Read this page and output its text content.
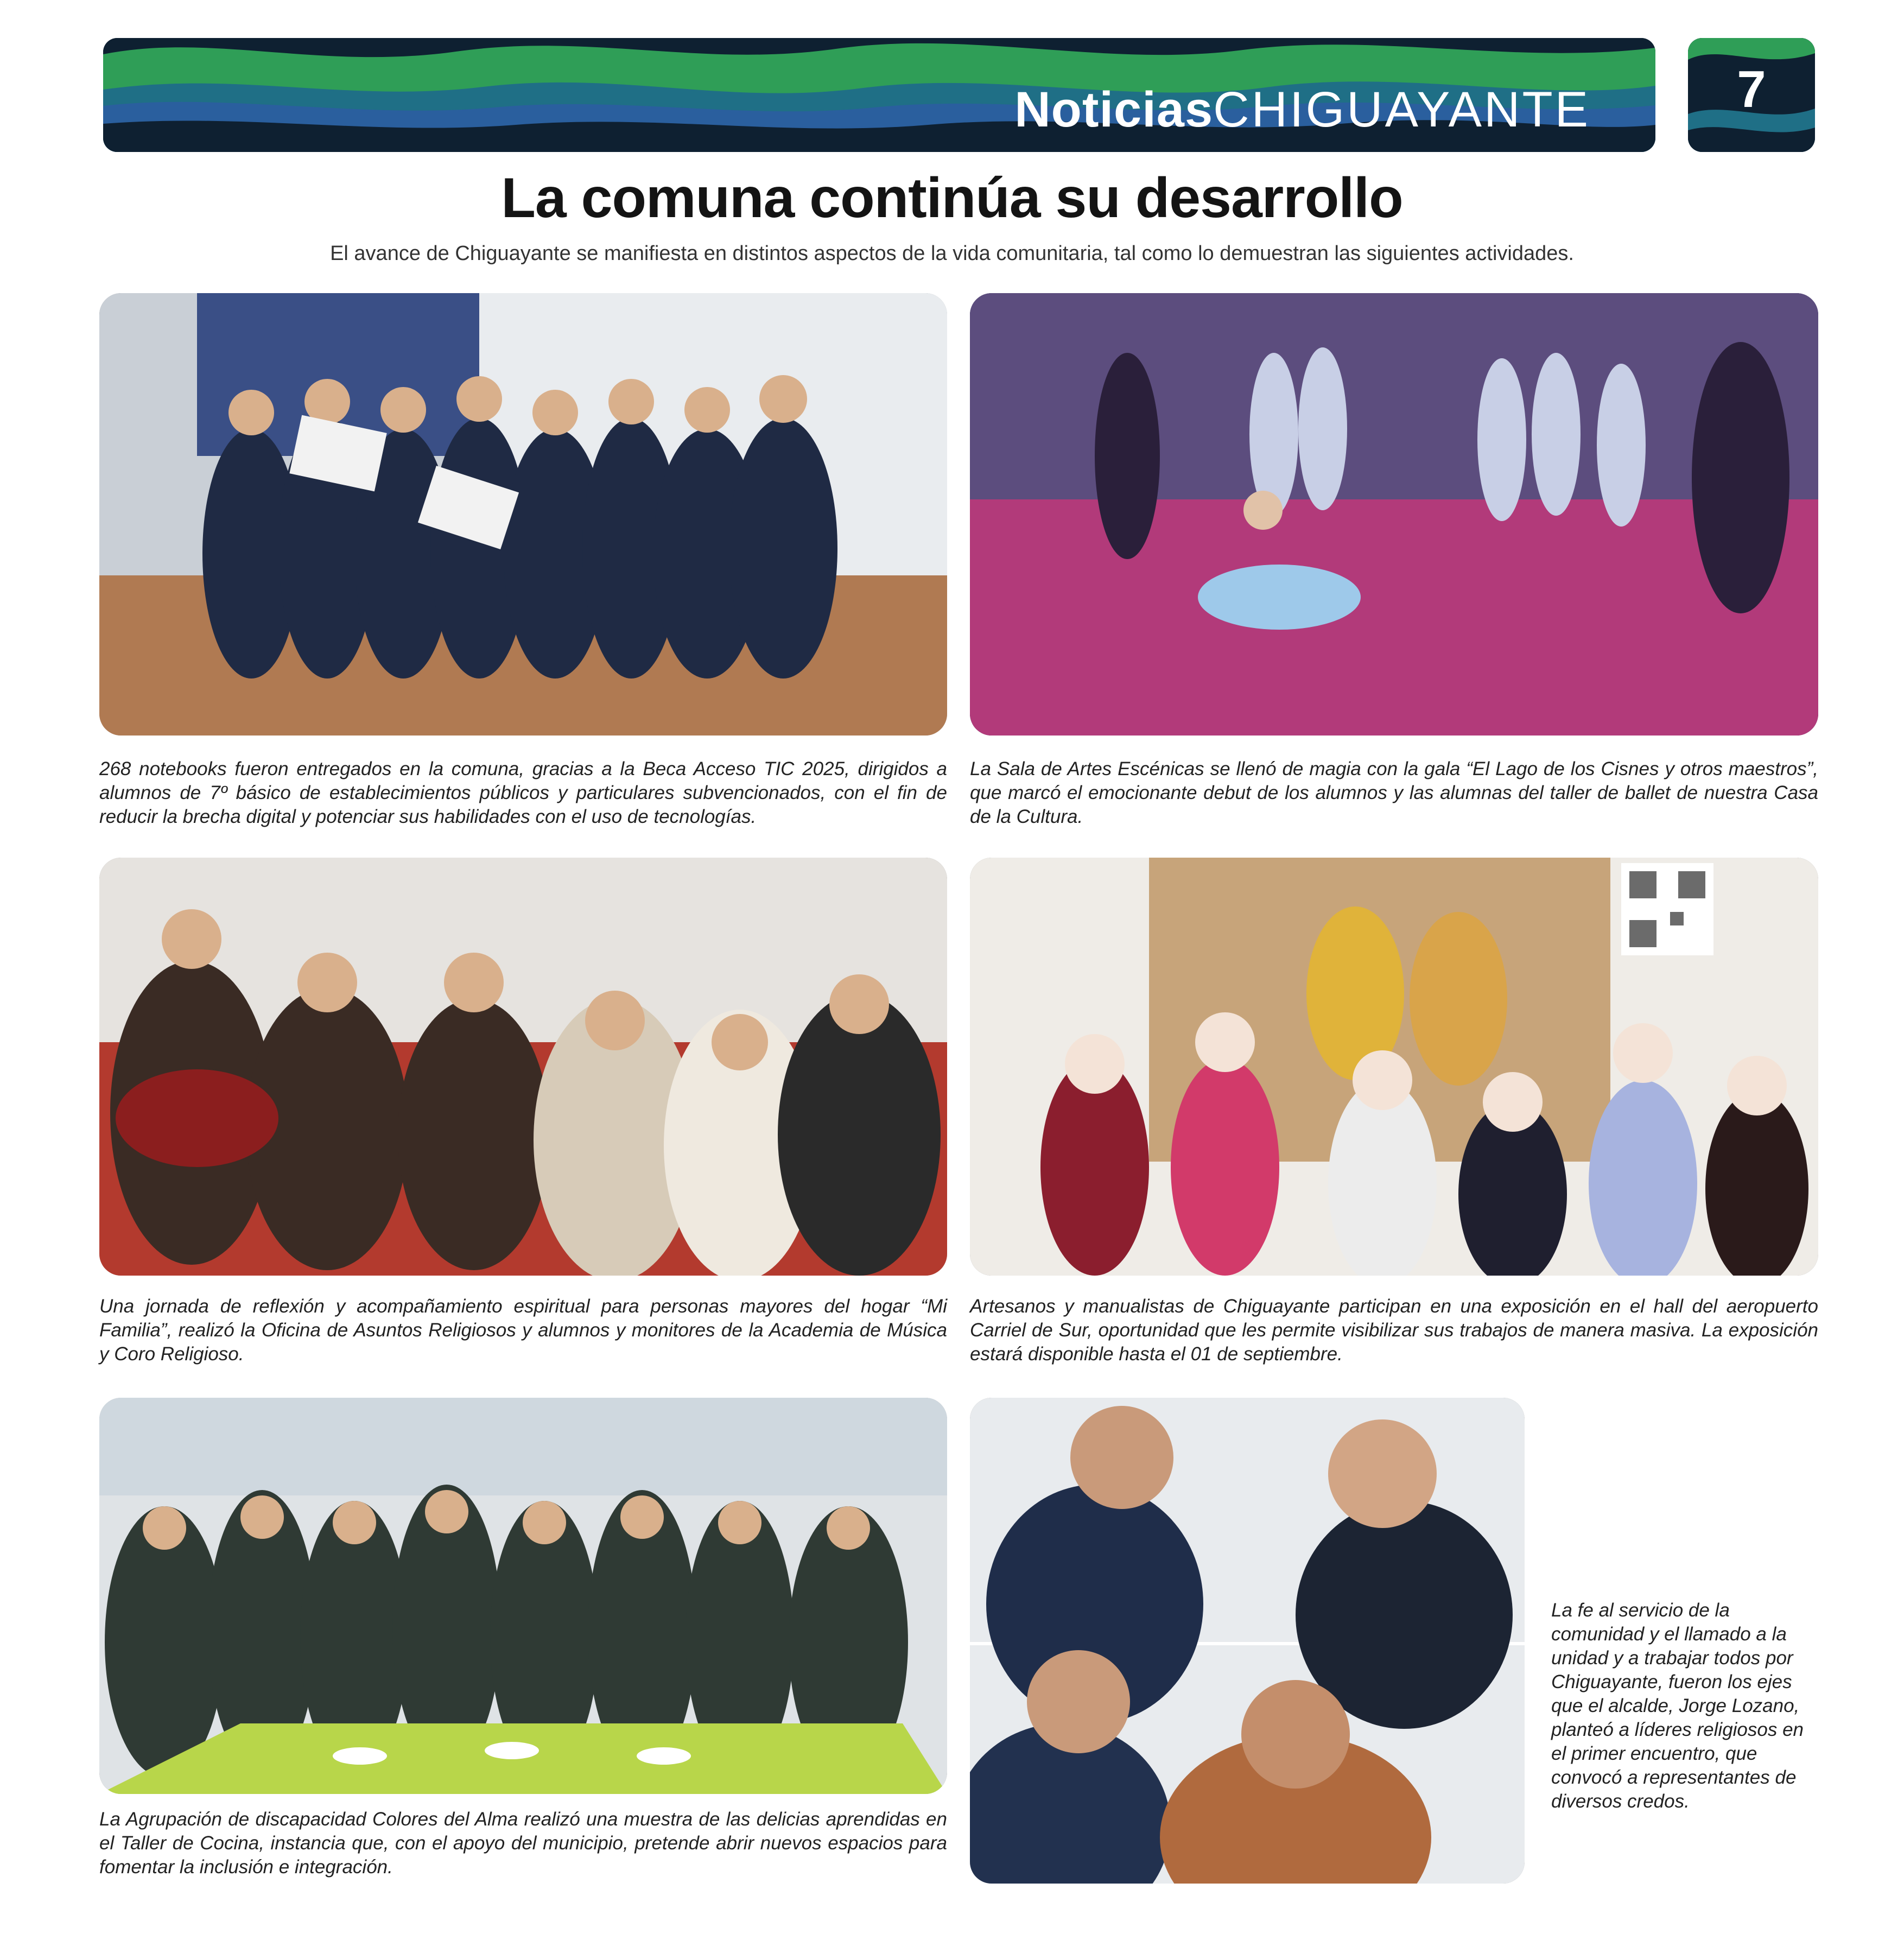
NoticiasCHIGUAYANTE	7
La comuna continúa su desarrollo
El avance de Chiguayante se manifiesta en distintos aspectos de la vida comunitaria, tal como lo demuestran las siguientes actividades.
268 notebooks fueron entregados en la comuna, gracias a la Beca Acceso TIC 2025, dirigidos a alumnos de 7º básico de establecimientos públicos y particulares subvencionados, con el fin de reducir la brecha digital y potenciar sus habilidades con el uso de tecnologías.
La Sala de Artes Escénicas se llenó de magia con la gala “El Lago de los Cisnes y otros maestros”, que marcó el emocionante debut de los alumnos y las alumnas del taller de ballet de nuestra Casa de la Cultura.
Una jornada de reflexión y acompañamiento espiritual para personas mayores del hogar “Mi Familia”, realizó la Oficina de Asuntos Religiosos y alumnos y monitores de la Academia de Música y Coro Religioso.
Artesanos y manualistas de Chiguayante participan en una exposición en el hall del aeropuerto Carriel de Sur, oportunidad que les permite visibilizar sus trabajos de manera masiva. La exposición estará disponible hasta el 01 de septiembre.
La Agrupación de discapacidad Colores del Alma realizó una muestra de las delicias aprendidas en el Taller de Cocina, instancia que, con el apoyo del municipio, pretende abrir nuevos espacios para fomentar la inclusión e integración.
La fe al servicio de la comunidad y el llamado a la unidad y a trabajar todos por Chiguayante, fueron los ejes que el alcalde, Jorge Lozano, planteó a líderes religiosos en el primer encuentro, que convocó a representantes de diversos credos.
